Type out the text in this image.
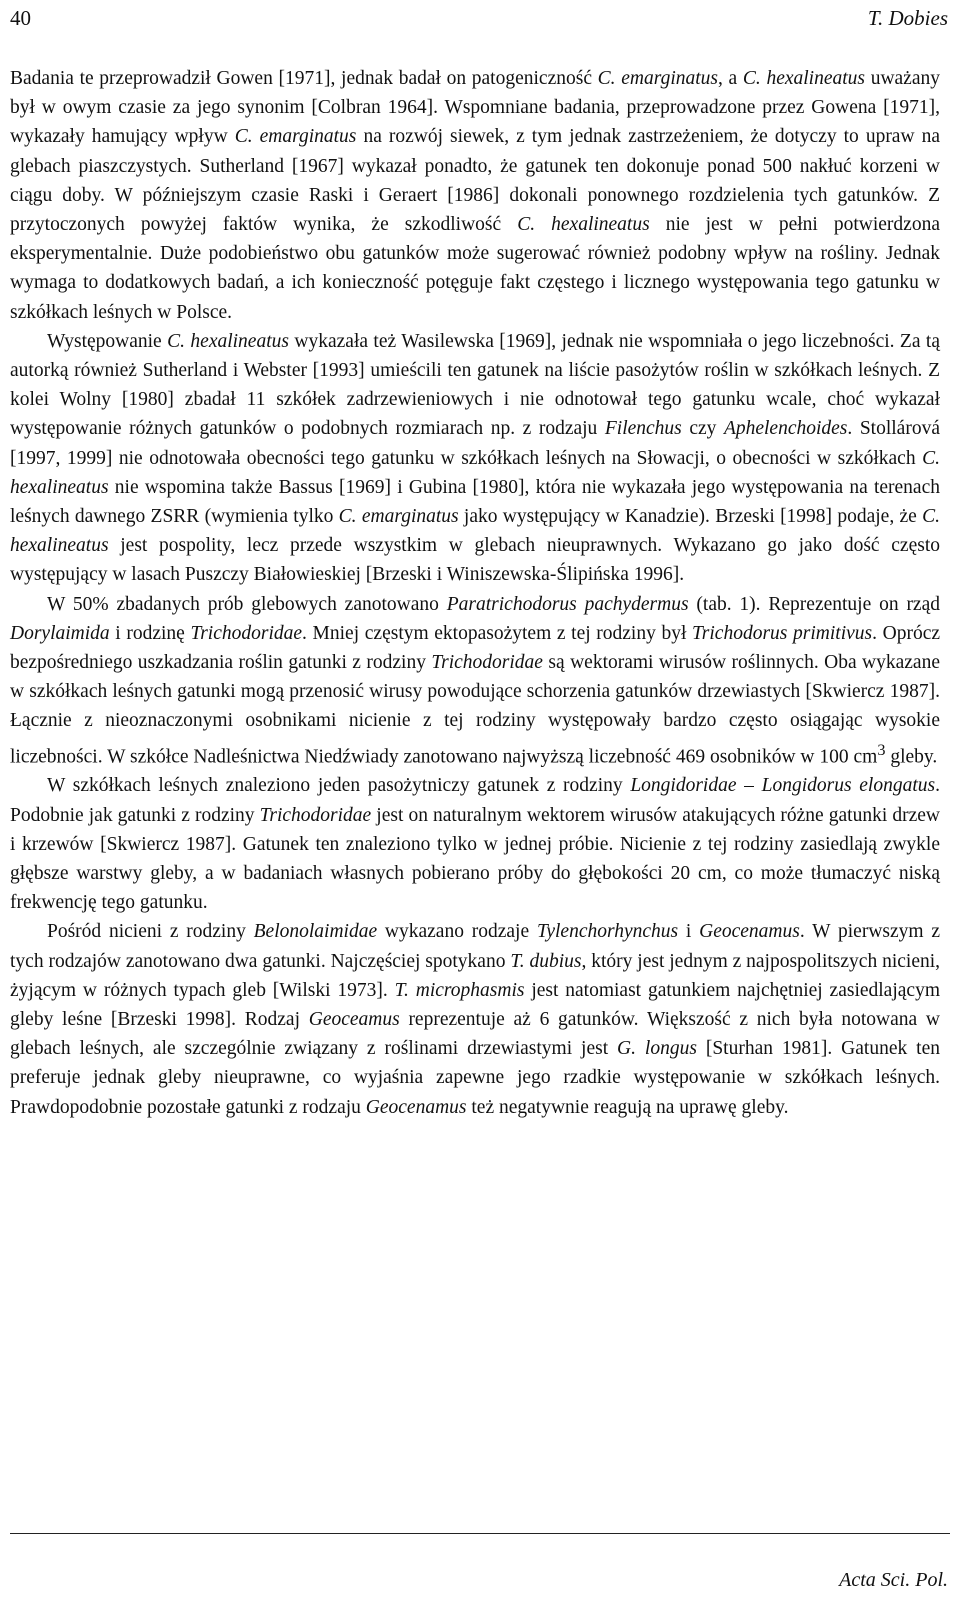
40	T. Dobies

Badania te przeprowadził Gowen [1971], jednak badał on patogeniczność C. emarginatus, a C. hexalineatus uważany był w owym czasie za jego synonim [Colbran 1964]. Wspomniane badania, przeprowadzone przez Gowena [1971], wykazały hamujący wpływ C. emarginatus na rozwój siewek, z tym jednak zastrzeżeniem, że dotyczy to upraw na glebach piaszczystych. Sutherland [1967] wykazał ponadto, że gatunek ten dokonuje ponad 500 nakłuć korzeni w ciągu doby. W późniejszym czasie Raski i Geraert [1986] dokonali ponownego rozdzielenia tych gatunków. Z przytoczonych powyżej faktów wynika, że szkodliwość C. hexalineatus nie jest w pełni potwierdzona eksperymentalnie. Duże podobieństwo obu gatunków może sugerować również podobny wpływ na rośliny. Jednak wymaga to dodatkowych badań, a ich konieczność potęguje fakt częstego i licznego występowania tego gatunku w szkółkach leśnych w Polsce.

Występowanie C. hexalineatus wykazała też Wasilewska [1969], jednak nie wspomniała o jego liczebności. Za tą autorką również Sutherland i Webster [1993] umieścili ten gatunek na liście pasożytów roślin w szkółkach leśnych. Z kolei Wolny [1980] zbadał 11 szkółek zadrzewieniowych i nie odnotował tego gatunku wcale, choć wykazał występowanie różnych gatunków o podobnych rozmiarach np. z rodzaju Filenchus czy Aphelenchoides. Stollárová [1997, 1999] nie odnotowała obecności tego gatunku w szkółkach leśnych na Słowacji, o obecności w szkółkach C. hexalineatus nie wspomina także Bassus [1969] i Gubina [1980], która nie wykazała jego występowania na terenach leśnych dawnego ZSRR (wymienia tylko C. emarginatus jako występujący w Kanadzie). Brzeski [1998] podaje, że C. hexalineatus jest pospolity, lecz przede wszystkim w glebach nieuprawnych. Wykazano go jako dość często występujący w lasach Puszczy Białowieskiej [Brzeski i Winiszewska-Ślipińska 1996].

W 50% zbadanych prób glebowych zanotowano Paratrichodorus pachydermus (tab. 1). Reprezentuje on rząd Dorylaimida i rodzinę Trichodoridae. Mniej częstym ektopasożytem z tej rodziny był Trichodorus primitivus. Oprócz bezpośredniego uszkadzania roślin gatunki z rodziny Trichodoridae są wektorami wirusów roślinnych. Oba wykazane w szkółkach leśnych gatunki mogą przenosić wirusy powodujące schorzenia gatunków drzewiastych [Skwiercz 1987]. Łącznie z nieoznaczonymi osobnikami nicienie z tej rodziny występowały bardzo często osiągając wysokie liczebności. W szkółce Nadleśnictwa Niedźwiady zanotowano najwyższą liczebność 469 osobników w 100 $cm^3$ gleby.

W szkółkach leśnych znaleziono jeden pasożytniczy gatunek z rodziny Longidoridae – Longidorus elongatus. Podobnie jak gatunki z rodziny Trichodoridae jest on naturalnym wektorem wirusów atakujących różne gatunki drzew i krzewów [Skwiercz 1987]. Gatunek ten znaleziono tylko w jednej próbie. Nicienie z tej rodziny zasiedlają zwykle głębsze warstwy gleby, a w badaniach własnych pobierano próby do głębokości 20 cm, co może tłumaczyć niską frekwencję tego gatunku.

Pośród nicieni z rodziny Belonolaimidae wykazano rodzaje Tylenchorhynchus i Geocenamus. W pierwszym z tych rodzajów zanotowano dwa gatunki. Najczęściej spotykano T. dubius, który jest jednym z najpospolitszych nicieni, żyjącym w różnych typach gleb [Wilski 1973]. T. microphasmis jest natomiast gatunkiem najchętniej zasiedlającym gleby leśne [Brzeski 1998]. Rodzaj Geoceamus reprezentuje aż 6 gatunków. Większość z nich była notowana w glebach leśnych, ale szczególnie związany z roślinami drzewiastymi jest G. longus [Sturhan 1981]. Gatunek ten preferuje jednak gleby nieuprawne, co wyjaśnia zapewne jego rzadkie występowanie w szkółkach leśnych. Prawdopodobnie pozostałe gatunki z rodzaju Geocenamus też negatywnie reagują na uprawę gleby.

Acta Sci. Pol.
